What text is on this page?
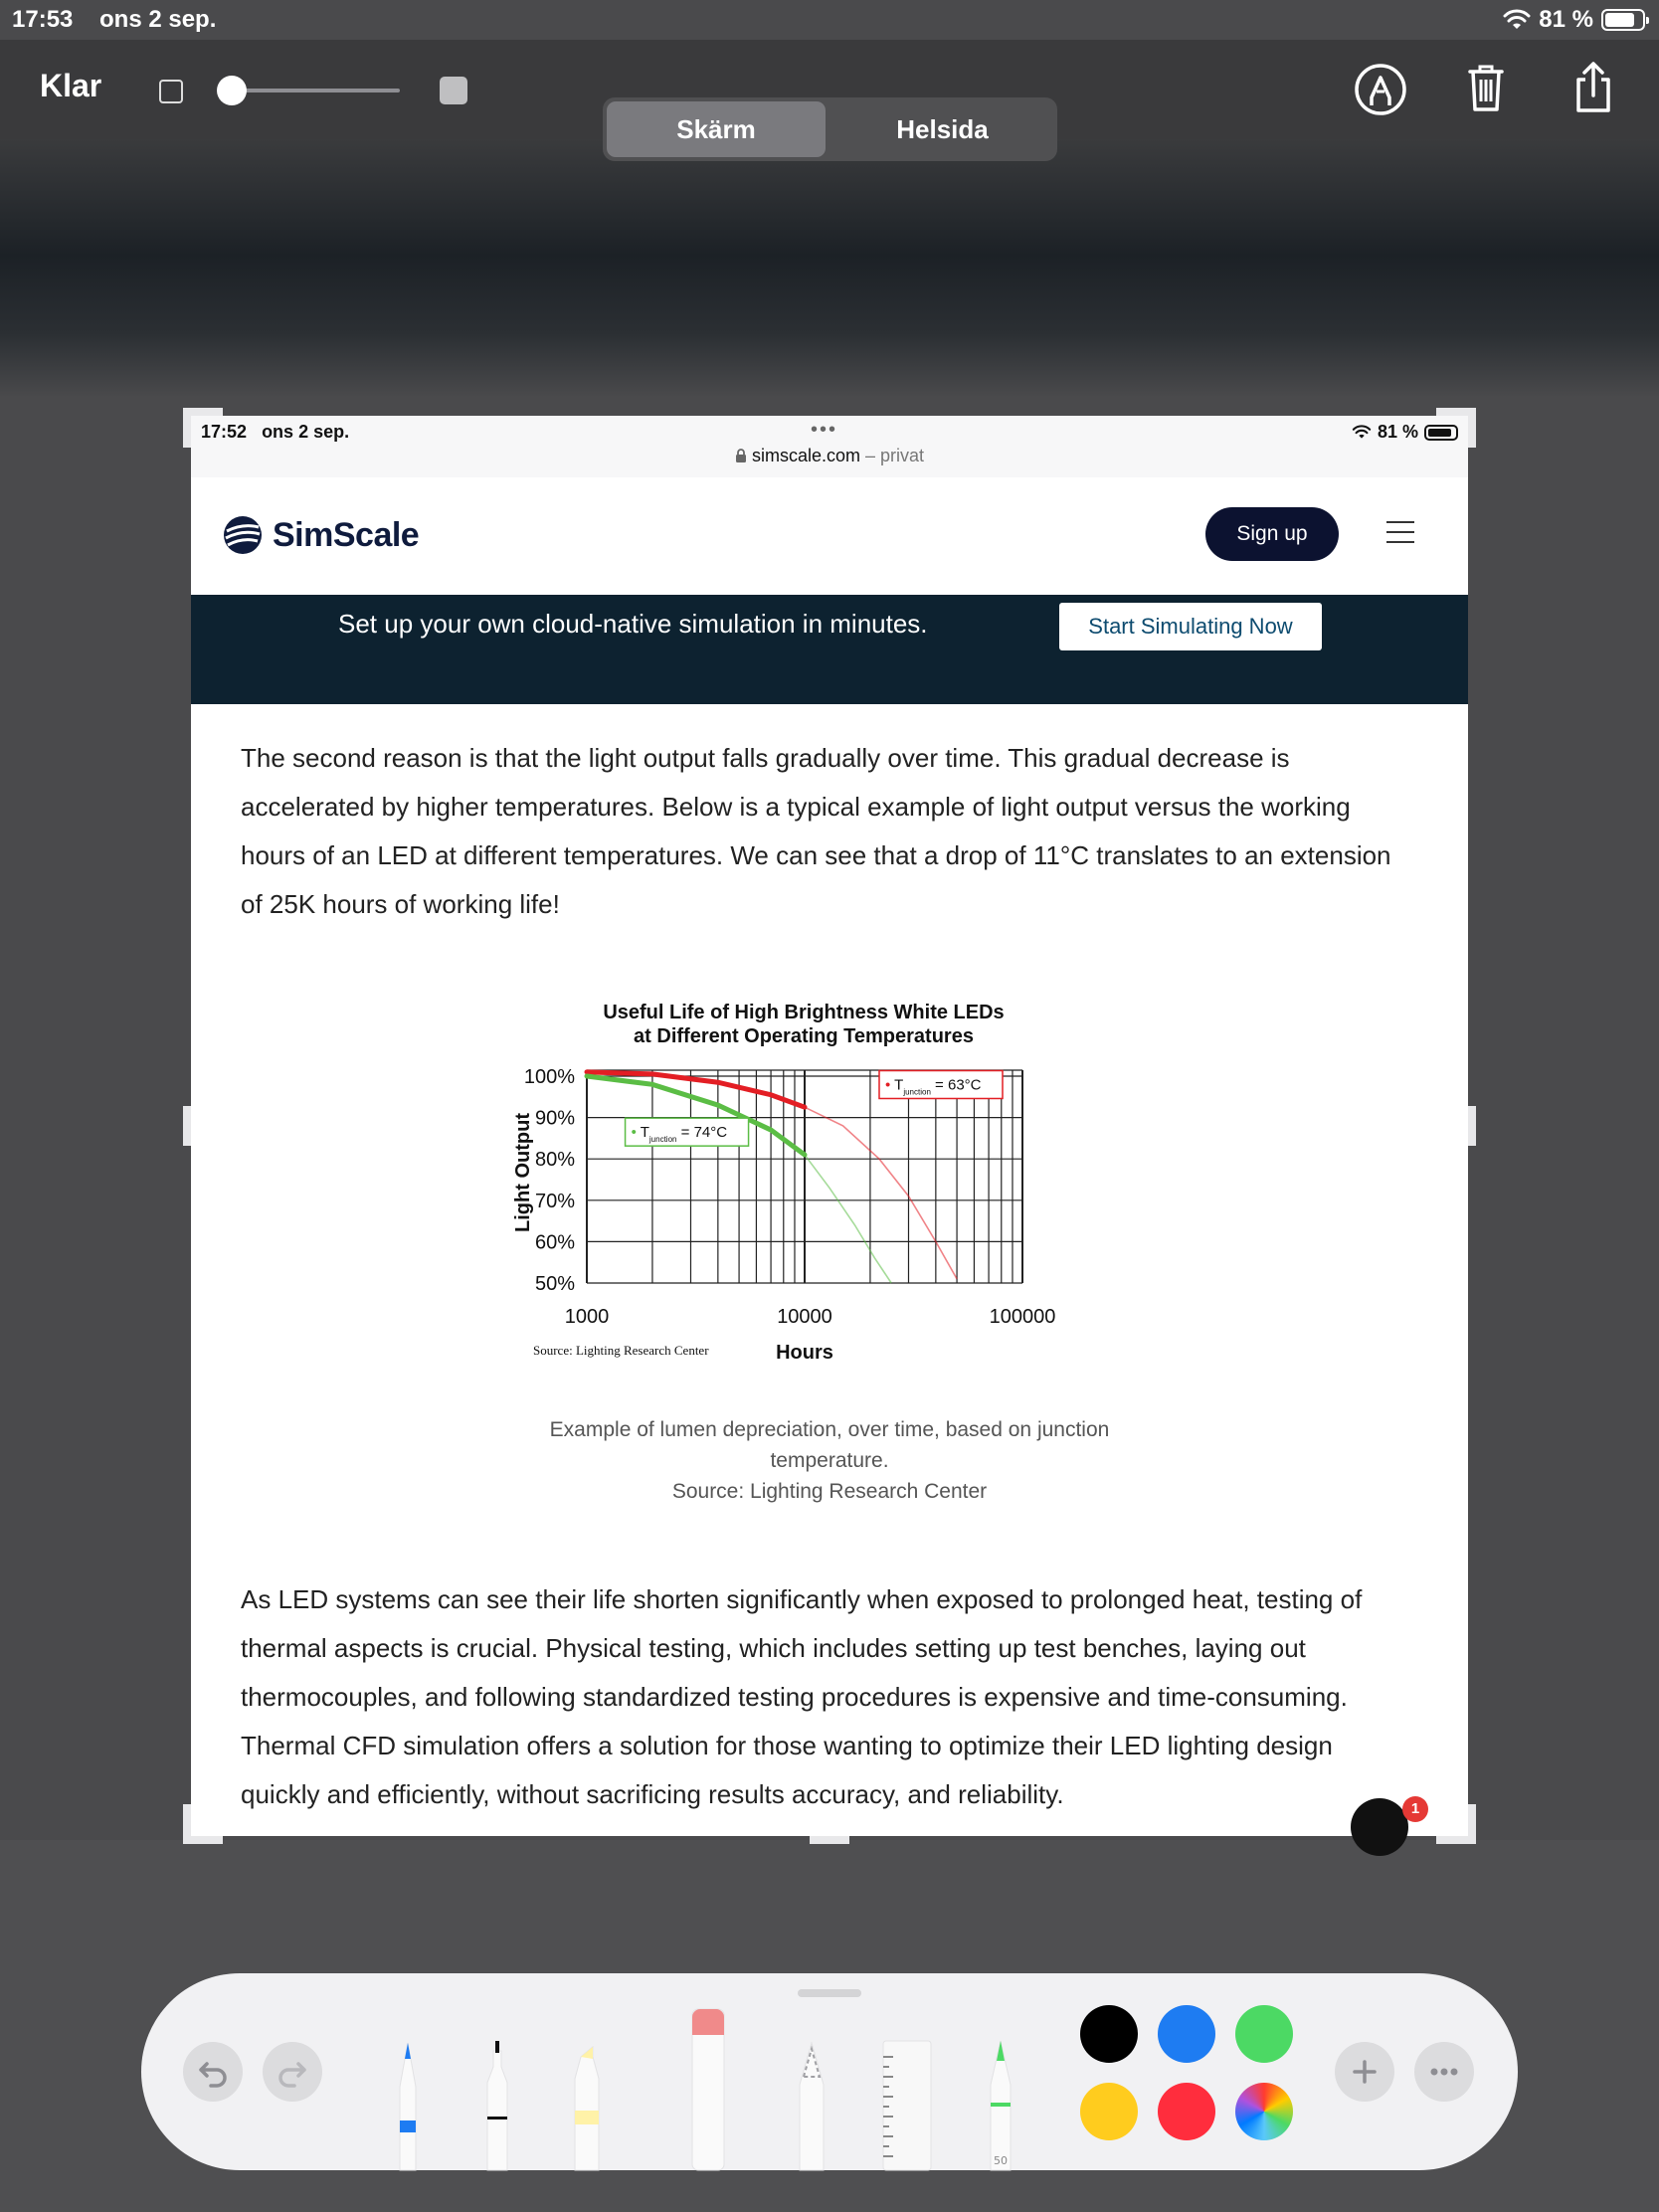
17:53 ons 2 sep.	81 %
Klar
Skärm	Helsida
17:52 ons 2 sep.	•••
simscale.com – privat
81 %
SimScale	Sign up
Set up your own cloud-native simulation in minutes.	Start Simulating Now
The second reason is that the light output falls gradually over time. This gradual decrease is accelerated by higher temperatures. Below is a typical example of light output versus the working hours of an LED at different temperatures. We can see that a drop of 11°C translates to an extension of 25K hours of working life!
Useful Life of High Brightness White LEDs
at Different Operating Temperatures
100%
90%
80%
70%
60%
50%
1000	10000	100000
Light Output
Hours
Source: Lighting Research Center
• $T_{junction} = 63^\circ C$
• $T_{junction} = 74^\circ C$
Example of lumen depreciation, over time, based on junction
temperature.
Source: Lighting Research Center
As LED systems can see their life shorten significantly when exposed to prolonged heat, testing of thermal aspects is crucial. Physical testing, which includes setting up test benches, laying out thermocouples, and following standardized testing procedures is expensive and time-consuming. Thermal CFD simulation offers a solution for those wanting to optimize their LED lighting design quickly and efficiently, without sacrificing results accuracy, and reliability.	1
50
